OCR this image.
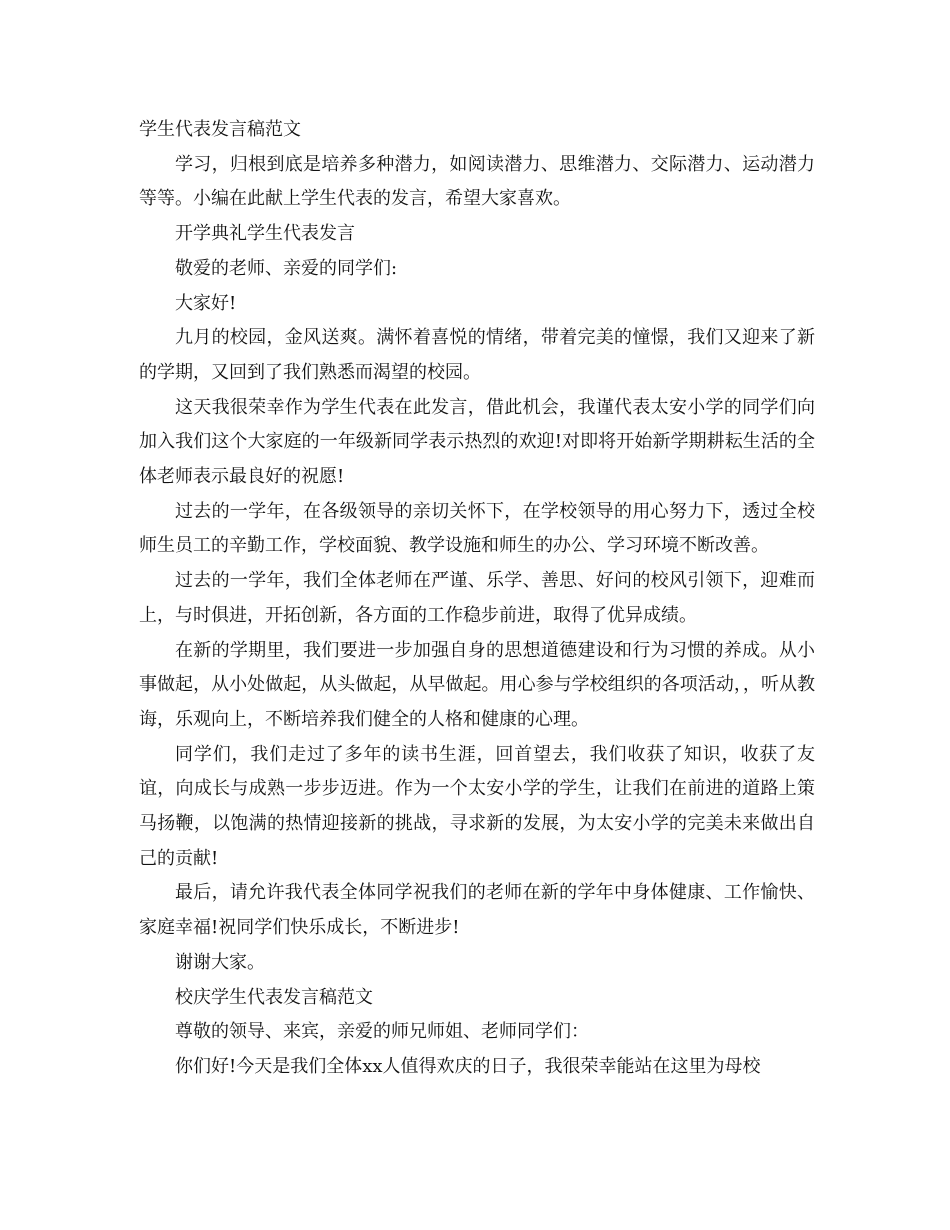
学生代表发言稿范文

学习，归根到底是培养多种潜力，如阅读潜力、思维潜力、交际潜力、运动潜力等等。小编在此献上学生代表的发言，希望大家喜欢。

开学典礼学生代表发言

敬爱的老师、亲爱的同学们:

大家好!

九月的校园，金风送爽。满怀着喜悦的情绪，带着完美的憧憬，我们又迎来了新的学期，又回到了我们熟悉而渴望的校园。

这天我很荣幸作为学生代表在此发言，借此机会，我谨代表太安小学的同学们向加入我们这个大家庭的一年级新同学表示热烈的欢迎!对即将开始新学期耕耘生活的全体老师表示最良好的祝愿!

过去的一学年，在各级领导的亲切关怀下，在学校领导的用心努力下，透过全校师生员工的辛勤工作，学校面貌、教学设施和师生的办公、学习环境不断改善。

过去的一学年，我们全体老师在严谨、乐学、善思、好问的校风引领下，迎难而上，与时俱进，开拓创新，各方面的工作稳步前进，取得了优异成绩。

在新的学期里，我们要进一步加强自身的思想道德建设和行为习惯的养成。从小事做起，从小处做起，从头做起，从早做起。用心参与学校组织的各项活动，，听从教诲，乐观向上，不断培养我们健全的人格和健康的心理。

同学们，我们走过了多年的读书生涯，回首望去，我们收获了知识，收获了友谊，向成长与成熟一步步迈进。作为一个太安小学的学生，让我们在前进的道路上策马扬鞭，以饱满的热情迎接新的挑战，寻求新的发展，为太安小学的完美未来做出自己的贡献!

最后，请允许我代表全体同学祝我们的老师在新的学年中身体健康、工作愉快、家庭幸福!祝同学们快乐成长，不断进步!

谢谢大家。

校庆学生代表发言稿范文

尊敬的领导、来宾，亲爱的师兄师姐、老师同学们：

你们好!今天是我们全体xx人值得欢庆的日子，我很荣幸能站在这里为母校
